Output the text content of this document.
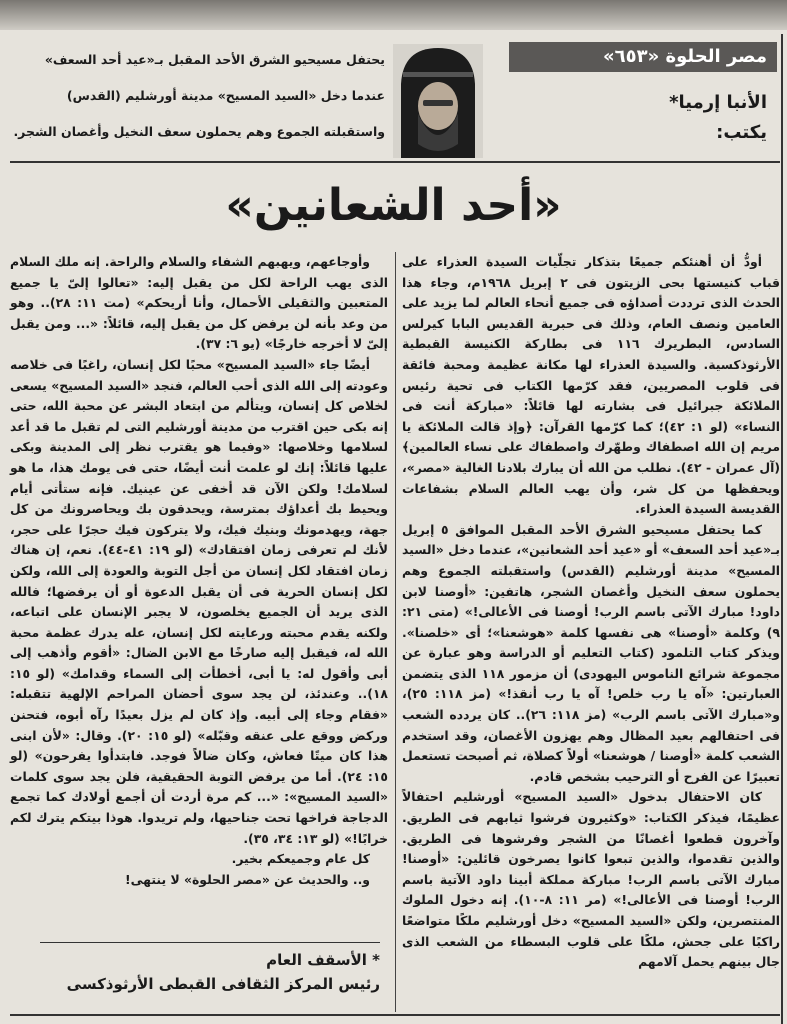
مصر الحلوة «٦٥٣»
الأنبا إرميا*
يكتب:
يحتفل مسيحيو الشرق الأحد المقبل بـ«عيد أحد السعف»
عندما دخل «السيد المسيح» مدينة أورشليم (القدس)
واستقبلته الجموع وهم يحملون سعف النخيل وأغصان الشجر.
«أحد الشعانين»

أودُّ أن أهنئكم جميعًا بتذكار تجلّيات السيدة العذراء على قباب كنيستها بحى الزيتون فى ٢ إبريل ١٩٦٨م، وجاء هذا الحدث الذى ترددت أصداؤه فى جميع أنحاء العالم لما يزيد على العامين ونصف العام، وذلك فى حبرية القديس البابا كيرلس السادس، البطريرك ١١٦ فى بطاركة الكنيسة القبطية الأرثوذكسية. والسيدة العذراء لها مكانة عظيمة ومحبة فائقة فى قلوب المصريين، فقد كرّمها الكتاب فى تحية رئيس الملائكة جبرائيل فى بشارته لها قائلاً: «مباركة أنت فى النساء» (لو ١: ٤٢)؛ كما كرّمها القرآن: ﴿وإذ قالت الملائكة يا مريم إن الله اصطفاك وطهّرك واصطفاك على نساء العالمين﴾ (آل عمران - ٤٢). نطلب من الله أن يبارك بلادنا الغالية «مصر»، ويحفظها من كل شر، وأن يهب العالم السلام بشفاعات القديسة السيدة العذراء.

كما يحتفل مسيحيو الشرق الأحد المقبل الموافق ٥ إبريل بـ«عيد أحد السعف» أو «عيد أحد الشعانين»، عندما دخل «السيد المسيح» مدينة أورشليم (القدس) واستقبلته الجموع وهم يحملون سعف النخيل وأغصان الشجر، هاتفين: «أوصنا لابن داود! مبارك الآتى باسم الرب! أوصنا فى الأعالى!» (متى ٢١: ٩) وكلمة «أوصنا» هى نفسها كلمة «هوشعنا»؛ أى «خلصنا». ويذكر كتاب التلمود (كتاب التعليم أو الدراسة وهو عبارة عن مجموعة شرائع الناموس اليهودى) أن مزمور ١١٨ الذى يتضمن العبارتين: «آه يا رب خلص! آه يا رب أنقذ!» (مز ١١٨: ٢٥)، و«مبارك الآتى باسم الرب» (مز ١١٨: ٢٦).. كان يردده الشعب فى احتفالهم بعيد المظال وهم يهزون الأغصان، وقد استخدم الشعب كلمة «أوصنا / هوشعنا» أولاً كصلاة، ثم أصبحت تستعمل تعبيرًا عن الفرح أو الترحيب بشخص قادم.

كان الاحتفال بدخول «السيد المسيح» أورشليم احتفالاً عظيمًا، فيذكر الكتاب: «وكثيرون فرشوا ثيابهم فى الطريق. وآخرون قطعوا أغصانًا من الشجر وفرشوها فى الطريق. والذين تقدموا، والذين تبعوا كانوا يصرخون قائلين: «أوصنا! مبارك الآتى باسم الرب! مباركة مملكة أبينا داود الآتية باسم الرب! أوصنا فى الأعالى!» (مر ١١: ٨-١٠). إنه دخول الملوك المنتصرين، ولكن «السيد المسيح» دخل أورشليم ملكًا متواضعًا راكبًا على جحش، ملكًا على قلوب البسطاء من الشعب الذى جال بينهم يحمل آلامهم

وأوجاعهم، ويهبهم الشفاء والسلام والراحة. إنه ملك السلام الذى يهب الراحة لكل من يقبل إليه: «تعالوا إلىّ يا جميع المتعبين والثقيلى الأحمال، وأنا أريحكم» (مت ١١: ٢٨).. وهو من وعد بأنه لن يرفض كل من يقبل إليه، قائلاً: «... ومن يقبل إلىّ لا أخرجه خارجًا» (يو ٦: ٣٧).

أيضًا جاء «السيد المسيح» محبًا لكل إنسان، راغبًا فى خلاصه وعودته إلى الله الذى أحب العالم، فنجد «السيد المسيح» يسعى لخلاص كل إنسان، ويتألم من ابتعاد البشر عن محبة الله، حتى إنه بكى حين اقترب من مدينة أورشليم التى لم تقبل ما قد أعد لسلامها وخلاصها: «وفيما هو يقترب نظر إلى المدينة وبكى عليها قائلاً: إنك لو علمت أنت أيضًا، حتى فى يومك هذا، ما هو لسلامك! ولكن الآن قد أخفى عن عينيك. فإنه ستأتى أيام ويحيط بك أعداؤك بمترسة، ويحدقون بك ويحاصرونك من كل جهة، ويهدمونك وبنيك فيك، ولا يتركون فيك حجرًا على حجر، لأنك لم تعرفى زمان افتقادك» (لو ١٩: ٤١-٤٤). نعم، إن هناك زمان افتقاد لكل إنسان من أجل التوبة والعودة إلى الله، ولكن لكل إنسان الحرية فى أن يقبل الدعوة أو أن يرفضها؛ فالله الذى يريد أن الجميع يخلصون، لا يجبر الإنسان على اتباعه، ولكنه يقدم محبته ورعايته لكل إنسان، عله يدرك عظمة محبة الله له، فيقبل إليه صارخًا مع الابن الضال: «أقوم وأذهب إلى أبى وأقول له: يا أبى، أخطأت إلى السماء وقدامك» (لو ١٥: ١٨).. وعندئذ، لن يجد سوى أحضان المراحم الإلهية تتقبله: «فقام وجاء إلى أبيه. وإذ كان لم يزل بعيدًا رآه أبوه، فتحنن وركض ووقع على عنقه وقبّله» (لو ١٥: ٢٠). وقال: «لأن ابنى هذا كان ميتًا فعاش، وكان ضالاً فوجد. فابتدأوا يفرحون» (لو ١٥: ٢٤). أما من يرفض التوبة الحقيقية، فلن يجد سوى كلمات «السيد المسيح»: «... كم مرة أردت أن أجمع أولادك كما تجمع الدجاجة فراخها تحت جناحيها، ولم تريدوا. هوذا بيتكم يترك لكم خرابًا!» (لو ١٣: ٣٤، ٣٥).

كل عام وجميعكم بخير.

و.. والحديث عن «مصر الحلوة» لا ينتهى!

* الأسقف العام
رئيس المركز الثقافى القبطى الأرثوذكسى
